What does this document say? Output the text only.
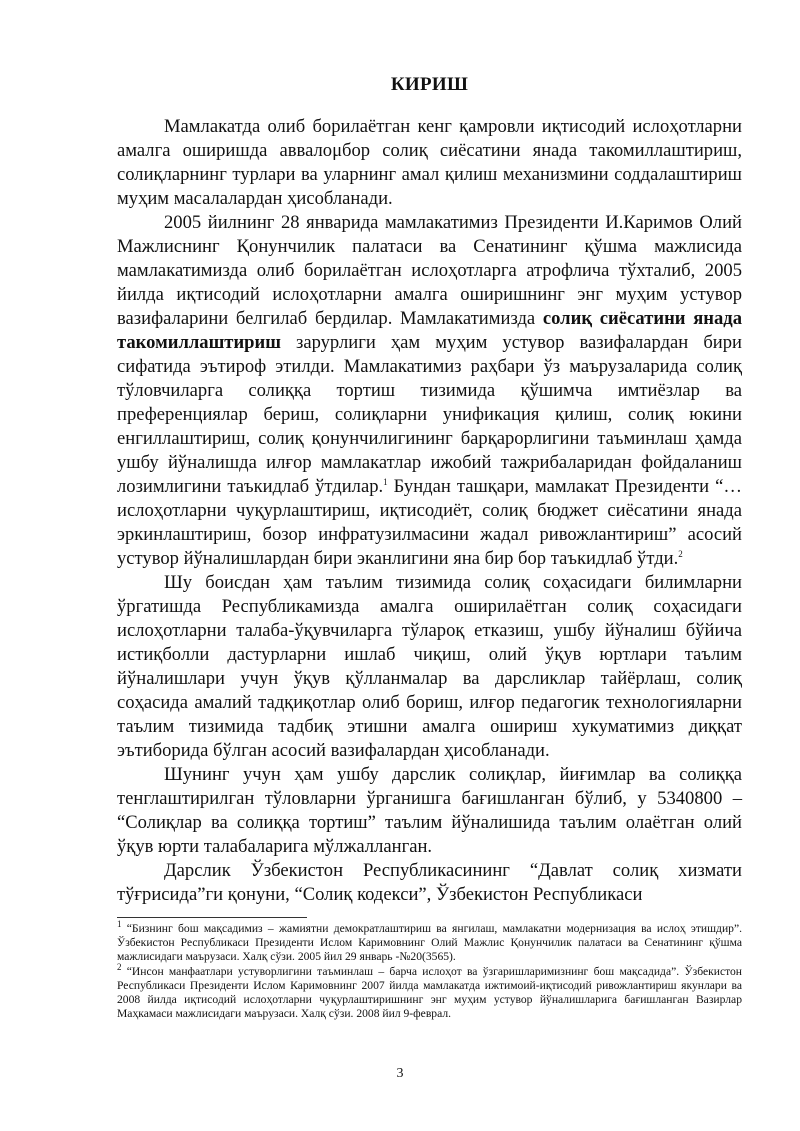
КИРИШ

Мамлакатда олиб борилаётган кенг қамровли иқтисодий ислоҳотларни амалга оширишда аввалομбор солиқ сиёсатини янада такомиллаштириш, солиқларнинг турлари ва уларнинг амал қилиш механизмини соддалаштириш муҳим масалалардан ҳисобланади.

2005 йилнинг 28 январида мамлакатимиз Президенти И.Каримов Олий Мажлиснинг Қонунчилик палатаси ва Сенатининг қўшма мажлисида мамлакатимизда олиб борилаётган ислоҳотларга атрофлича тўхталиб, 2005 йилда иқтисодий ислоҳотларни амалга оширишнинг энг муҳим устувор вазифаларини белгилаб бердилар. Мамлакатимизда солиқ сиёсатини янада такомиллаштириш зарурлиги ҳам муҳим устувор вазифалардан бири сифатида эътироф этилди. Мамлакатимиз раҳбари ўз маърузаларида солиқ тўловчиларга солиққа тортиш тизимида қўшимча имтиёзлар ва преференциялар бериш, солиқларни унификация қилиш, солиқ юкини енгиллаштириш, солиқ қонунчилигининг барқарорлигини таъминлаш ҳамда ушбу йўналишда илғор мамлакатлар ижобий тажрибаларидан фойдаланиш лозимлигини таъкидлаб ўтдилар.$^1$ Бундан ташқари, мамлакат Президенти “… ислоҳотларни чуқурлаштириш, иқтисодиёт, солиқ бюджет сиёсатини янада эркинлаштириш, бозор инфратузилмасини жадал ривожлантириш” асосий устувор йўналишлардан бири эканлигини яна бир бор таъкидлаб ўтди.$^2$

Шу боисдан ҳам таълим тизимида солиқ соҳасидаги билимларни ўргатишда Республикамизда амалга оширилаётган солиқ соҳасидаги ислоҳотларни талаба-ўқувчиларга тўлароқ етказиш, ушбу йўналиш бўйича истиқболли дастурларни ишлаб чиқиш, олий ўқув юртлари таълим йўналишлари учун ўқув қўлланмалар ва дарсликлар тайёрлаш, солиқ соҳасида амалий тадқиқотлар олиб бориш, илғор педагогик технологияларни таълим тизимида тадбиқ этишни амалга ошириш хукуматимиз диққат эътиборида бўлган асосий вазифалардан ҳисобланади.

Шунинг учун ҳам ушбу дарслик солиқлар, йиғимлар ва солиққа тенглаштирилган тўловларни ўрганишга бағишланган бўлиб, у 5340800 – “Солиқлар ва солиққа тортиш” таълим йўналишида таълим олаётган олий ўқув юрти талабаларига мўлжалланган.

Дарслик Ўзбекистон Республикасининг “Давлат солиқ хизмати тўғрисида”ги қонуни, “Солиқ кодекси”, Ўзбекистон Республикаси

$^1$ “Бизнинг бош мақсадимиз – жамиятни демократлаштириш ва янгилаш, мамлакатни модернизация ва ислоҳ этишдир”. Ўзбекистон Республикаси Президенти Ислом Каримовнинг Олий Мажлис Қонунчилик палатаси ва Сенатининг қўшма мажлисидаги маърузаси. Халқ сўзи. 2005 йил 29 январь -№20(3565).

$^2$ “Инсон манфаатлари устуворлигини таъминлаш – барча ислоҳот ва ўзгаришларимизнинг бош мақсадида”. Ўзбекистон Республикаси Президенти Ислом Каримовнинг 2007 йилда мамлакатда ижтимоий-иқтисодий ривожлантириш якунлари ва 2008 йилда иқтисодий ислоҳотларни чуқурлаштиришнинг энг муҳим устувор йўналишларига бағишланган Вазирлар Маҳкамаси мажлисидаги маърузаси. Халқ сўзи. 2008 йил 9-феврал.

3
